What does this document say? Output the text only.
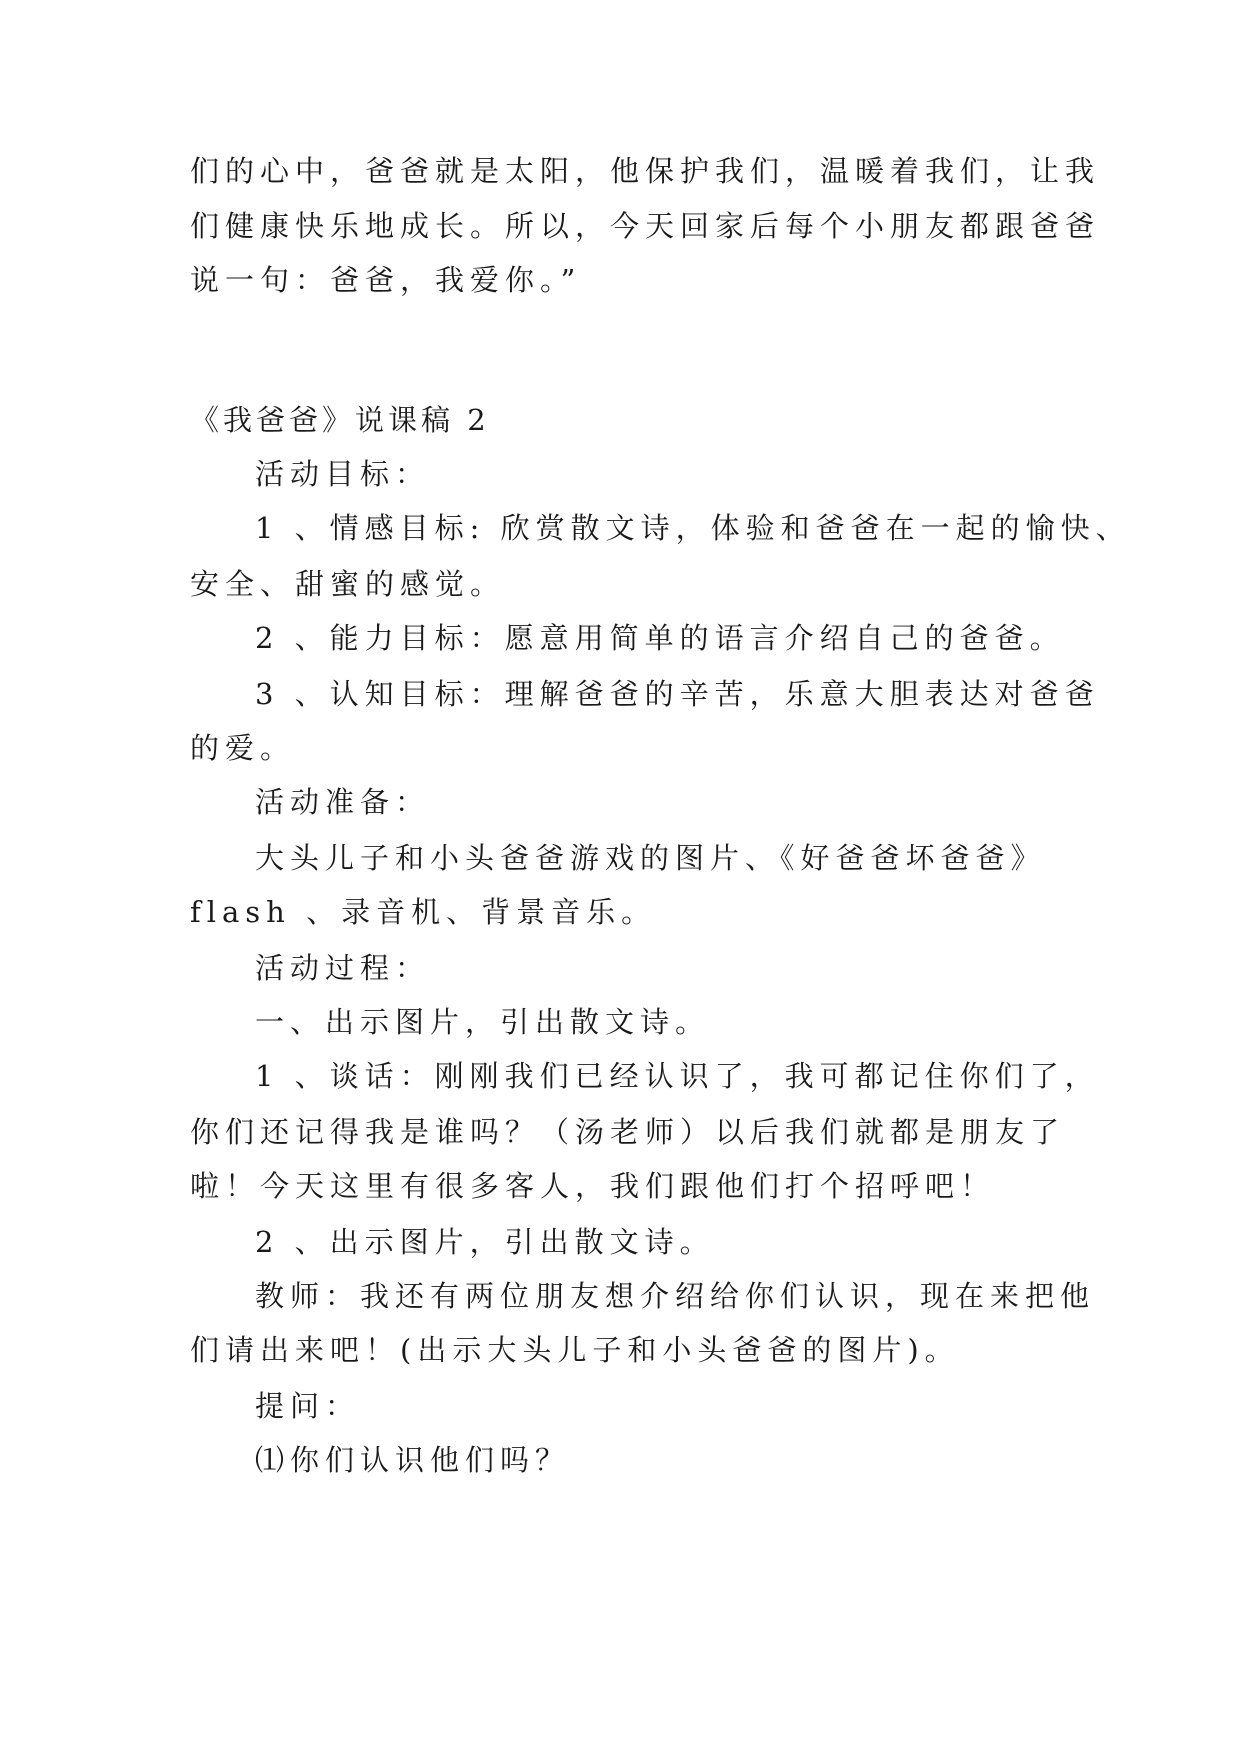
们的心中，爸爸就是太阳，他保护我们，温暖着我们，让我
们健康快乐地成长。所以，今天回家后每个小朋友都跟爸爸
说一句：爸爸，我爱你。”
《我爸爸》说课稿 2
活动目标：
1 、情感目标: 欣赏散文诗，体验和爸爸在一起的愉快、
安全、甜蜜的感觉。
2 、能力目标：愿意用简单的语言介绍自己的爸爸。
3 、认知目标：理解爸爸的辛苦，乐意大胆表达对爸爸
的爱。
活动准备：
大头儿子和小头爸爸游戏的图片、《好爸爸坏爸爸》
flash 、录音机、背景音乐。
活动过程：
一、出示图片，引出散文诗。
1 、谈话：刚刚我们已经认识了，我可都记住你们了，
你们还记得我是谁吗？（汤老师）以后我们就都是朋友了
啦！今天这里有很多客人，我们跟他们打个招呼吧！
2 、出示图片，引出散文诗。
教师：我还有两位朋友想介绍给你们认识，现在来把他
们请出来吧！(出示大头儿子和小头爸爸的图片)。
提问：
⑴你们认识他们吗？
